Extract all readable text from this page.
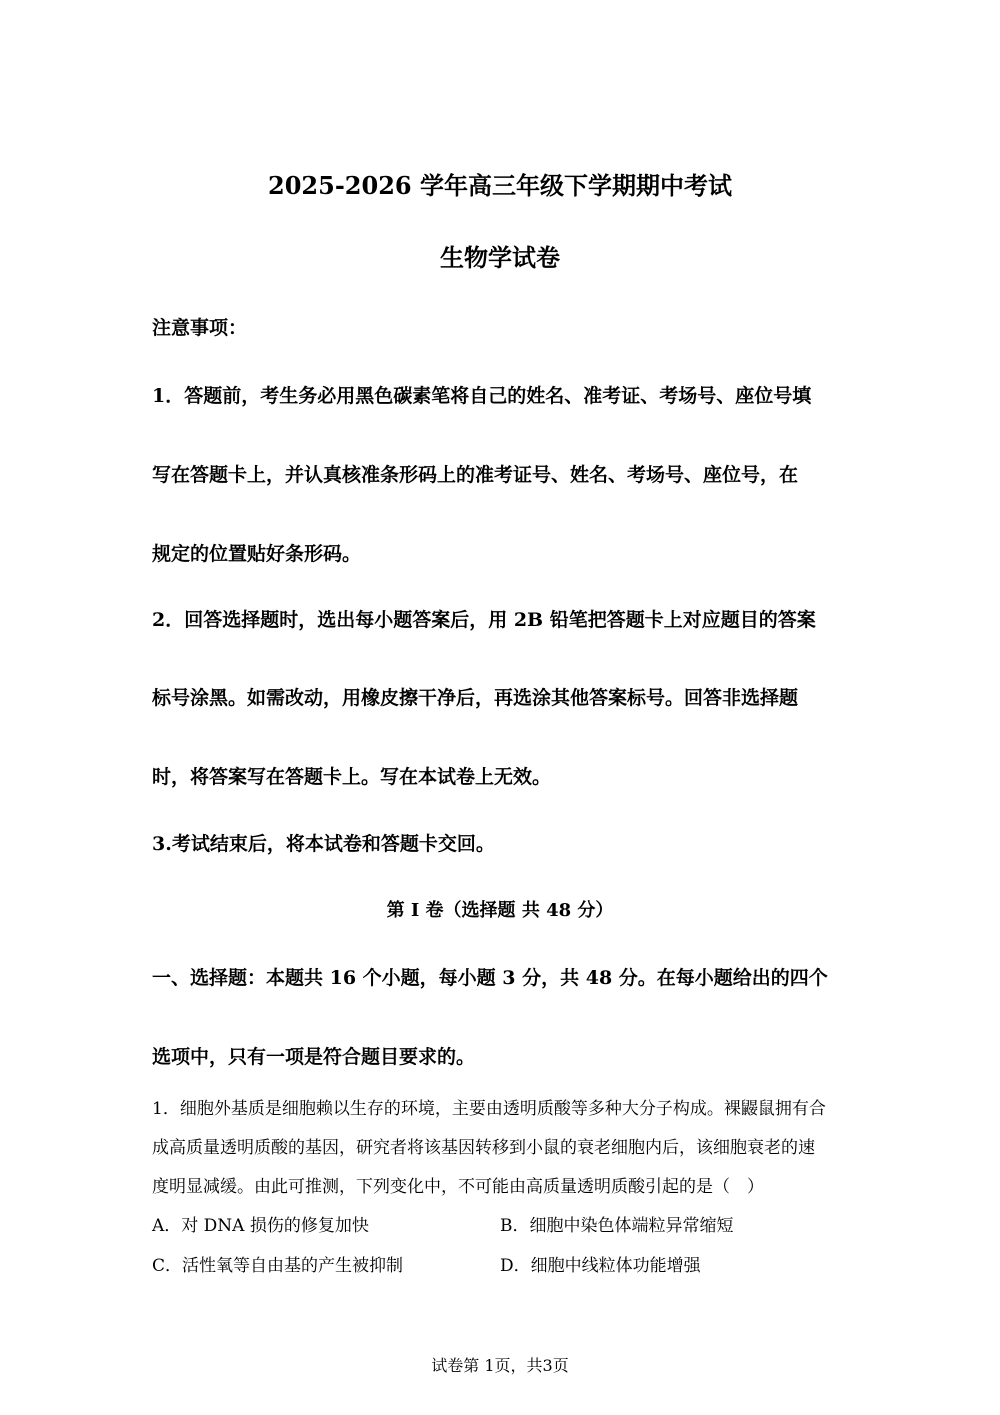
2025-2026 学年高三年级下学期期中考试
生物学试卷
注意事项：
1．答题前，考生务必用黑色碳素笔将自己的姓名、准考证、考场号、座位号填
写在答题卡上，并认真核准条形码上的准考证号、姓名、考场号、座位号，在
规定的位置贴好条形码。
2．回答选择题时，选出每小题答案后，用 2B 铅笔把答题卡上对应题目的答案
标号涂黑。如需改动，用橡皮擦干净后，再选涂其他答案标号。回答非选择题
时，将答案写在答题卡上。写在本试卷上无效。
3.考试结束后，将本试卷和答题卡交回。
第 I 卷（选择题 共 48 分）
一、选择题：本题共 16 个小题，每小题 3 分，共 48 分。在每小题给出的四个
选项中，只有一项是符合题目要求的。
1．细胞外基质是细胞赖以生存的环境，主要由透明质酸等多种大分子构成。裸鼹鼠拥有合
成高质量透明质酸的基因，研究者将该基因转移到小鼠的衰老细胞内后，该细胞衰老的速
度明显减缓。由此可推测，下列变化中，不可能由高质量透明质酸引起的是（　）
A．对 DNA 损伤的修复加快	B．细胞中染色体端粒异常缩短
C．活性氧等自由基的产生被抑制	D．细胞中线粒体功能增强
试卷第 1页，共3页
